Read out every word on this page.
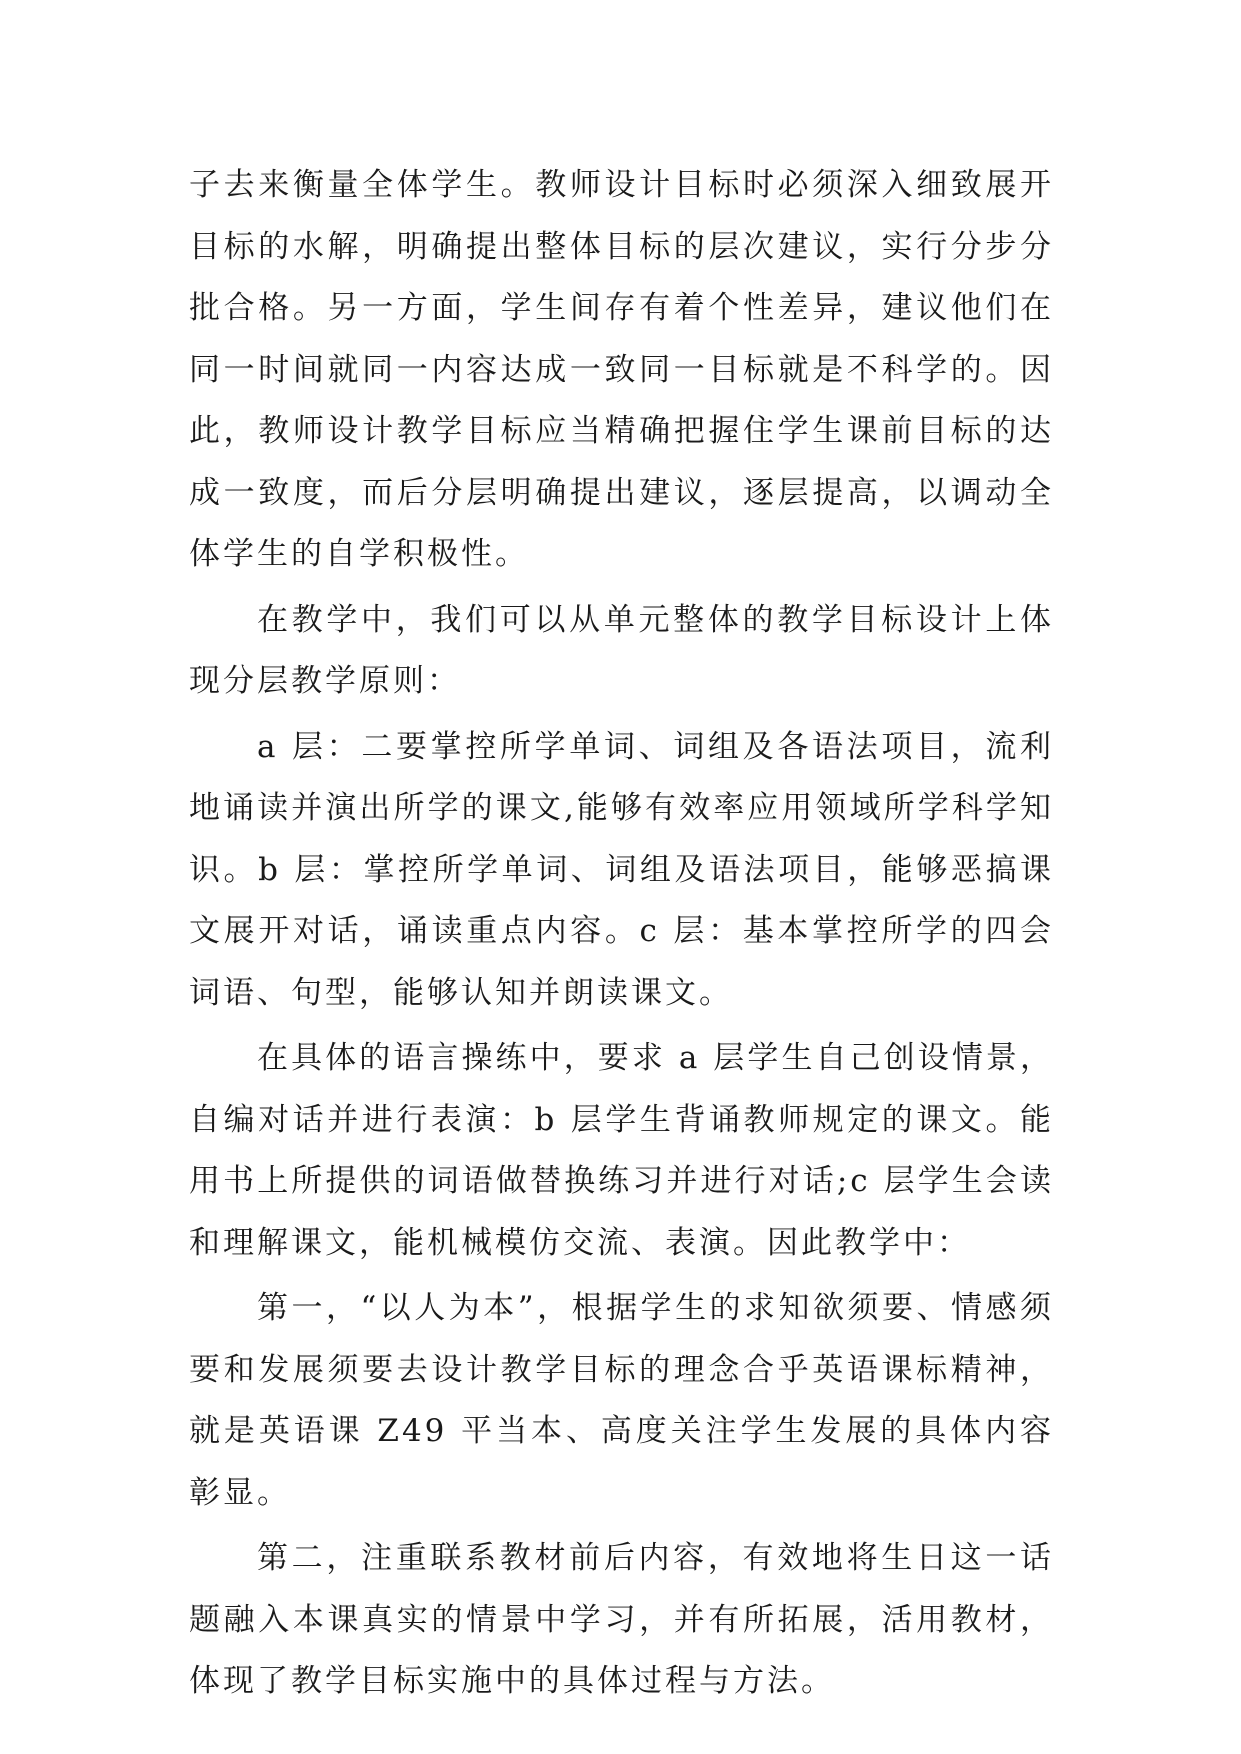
子去来衡量全体学生。教师设计目标时必须深入细致展开目标的水解，明确提出整体目标的层次建议，实行分步分批合格。另一方面，学生间存有着个性差异，建议他们在同一时间就同一内容达成一致同一目标就是不科学的。因此，教师设计教学目标应当精确把握住学生课前目标的达成一致度，而后分层明确提出建议，逐层提高，以调动全体学生的自学积极性。

在教学中，我们可以从单元整体的教学目标设计上体现分层教学原则：

a 层：二要掌控所学单词、词组及各语法项目，流利地诵读并演出所学的课文,能够有效率应用领域所学科学知识。b 层：掌控所学单词、词组及语法项目，能够恶搞课文展开对话，诵读重点内容。c 层：基本掌控所学的四会词语、句型，能够认知并朗读课文。

在具体的语言操练中，要求 a 层学生自己创设情景，自编对话并进行表演：b 层学生背诵教师规定的课文。能用书上所提供的词语做替换练习并进行对话;c 层学生会读和理解课文，能机械模仿交流、表演。因此教学中：

第一，“以人为本”，根据学生的求知欲须要、情感须要和发展须要去设计教学目标的理念合乎英语课标精神，就是英语课 Z49 平当本、高度关注学生发展的具体内容彰显。

第二，注重联系教材前后内容，有效地将生日这一话题融入本课真实的情景中学习，并有所拓展，活用教材，体现了教学目标实施中的具体过程与方法。
